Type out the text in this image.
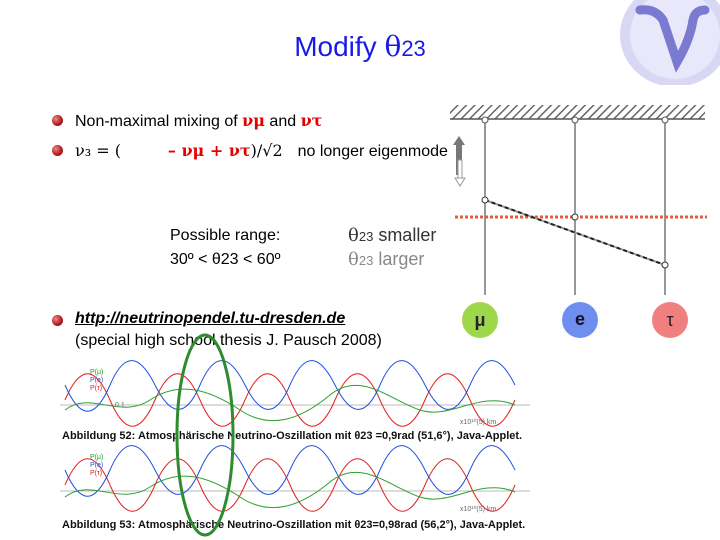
Modify θ23
Non-maximal mixing of νμ and ντ
ν₃ = (	– νμ + ντ)/√2 no longer eigenmode
Possible range:
30º < θ23 < 60º
θ23 smaller
θ23 larger
http://neutrinopendel.tu-dresden.de
(special high school thesis J. Pausch 2008)
μ	e	τ
P(μ)
P(e)
P(τ)
0.1
x10¹⁰(5) km
Abbildung 52: Atmosphärische Neutrino-Oszillation mit θ23 =0,9rad (51,6°), Java-Applet.
P(μ)
P(e)
P(τ)
x10¹⁰(5) km
Abbildung 53: Atmosphärische Neutrino-Oszillation mit θ23=0,98rad (56,2°), Java-Applet.
